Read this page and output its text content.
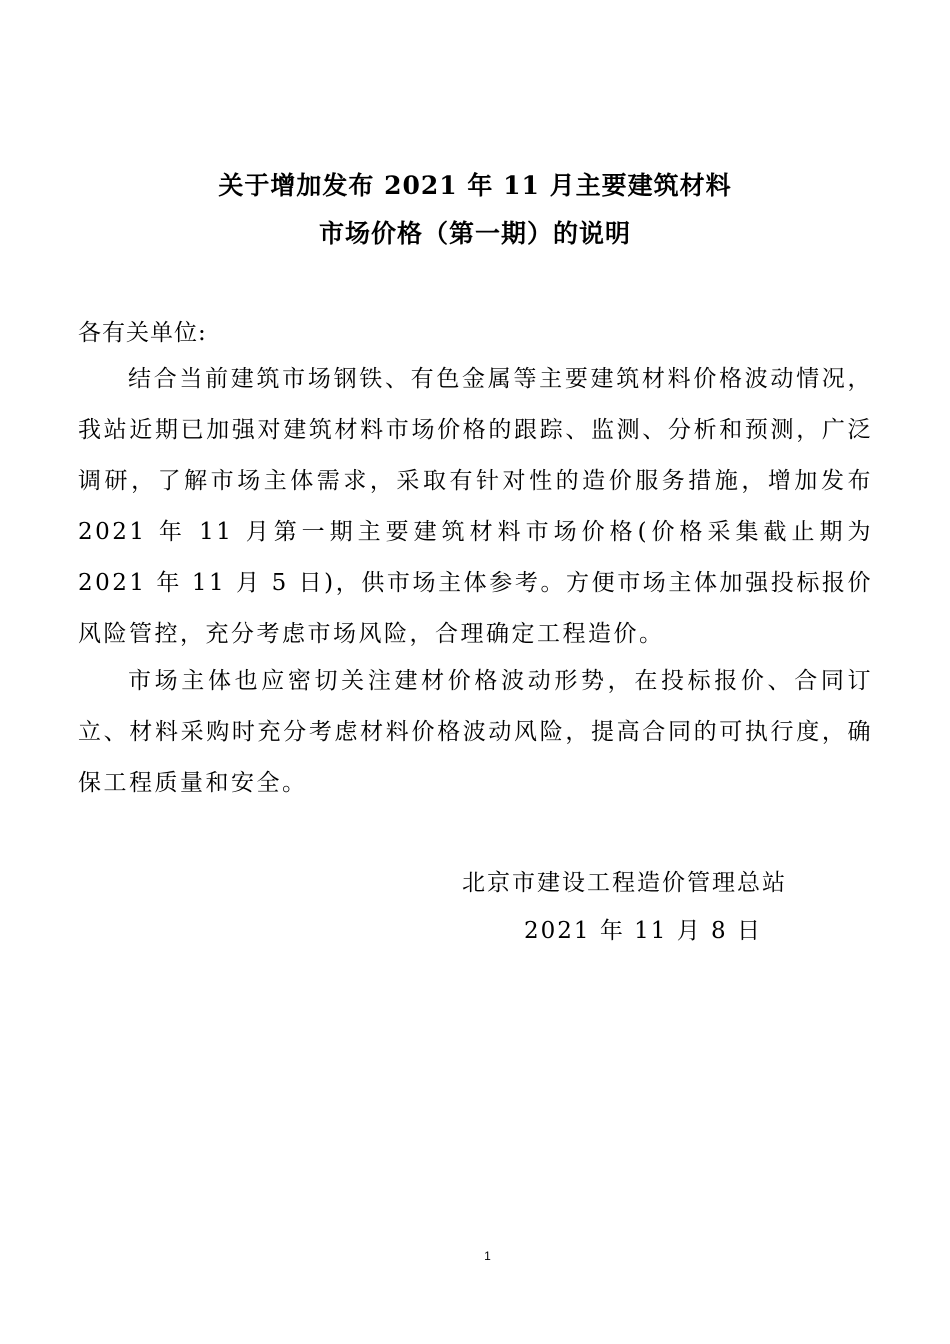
关于增加发布 2021 年 11 月主要建筑材料
市场价格（第一期）的说明
各有关单位:
结合当前建筑市场钢铁、有色金属等主要建筑材料价格波动情况，我站近期已加强对建筑材料市场价格的跟踪、监测、分析和预测，广泛调研，了解市场主体需求，采取有针对性的造价服务措施，增加发布 2021 年 11 月第一期主要建筑材料市场价格(价格采集截止期为 2021 年 11 月 5 日)，供市场主体参考。方便市场主体加强投标报价风险管控，充分考虑市场风险，合理确定工程造价。
市场主体也应密切关注建材价格波动形势，在投标报价、合同订立、材料采购时充分考虑材料价格波动风险，提高合同的可执行度，确保工程质量和安全。
北京市建设工程造价管理总站
2021 年 11 月 8 日
1
